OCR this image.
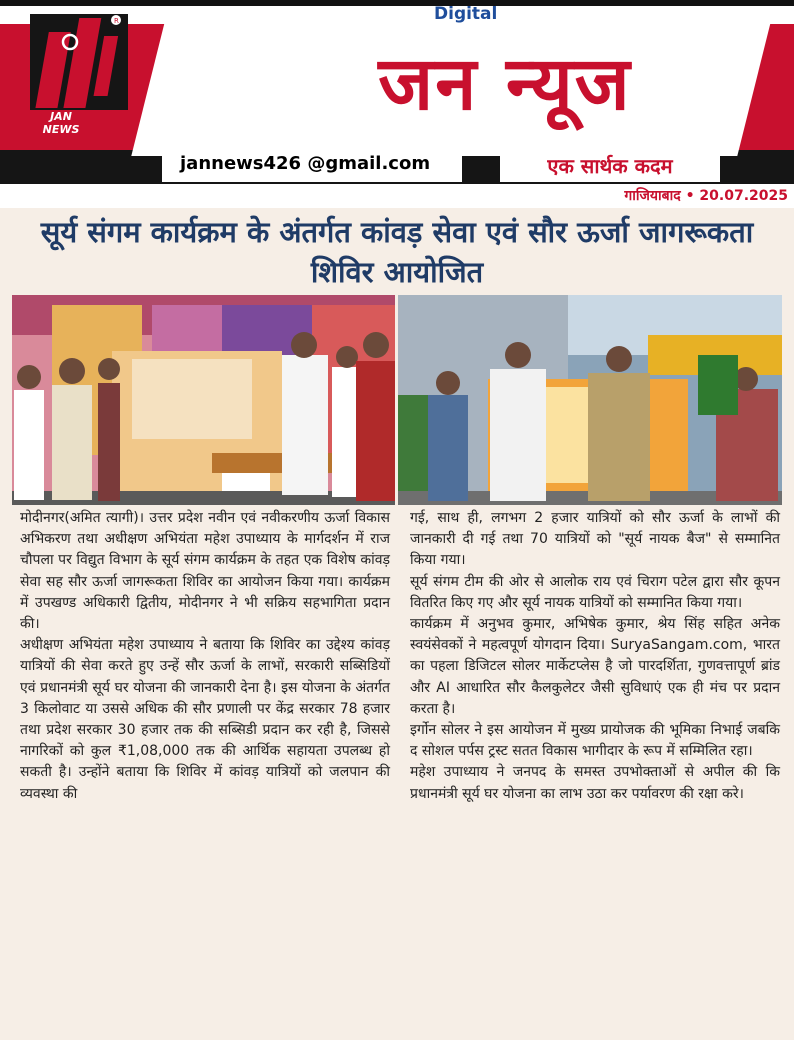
Digital
जन न्यूज
R
JAN NEWS
jannews426 @gmail.com	एक सार्थक कदम
गाजियाबाद • 20.07.2025
सूर्य संगम कार्यक्रम के अंतर्गत कांवड़ सेवा एवं सौर ऊर्जा जागरूकता शिविर आयोजित

मोदीनगर(अमित त्यागी)। उत्तर प्रदेश नवीन एवं नवीकरणीय ऊर्जा विकास अभिकरण तथा अधीक्षण अभियंता महेश उपाध्याय के मार्गदर्शन में राज चौपला पर विद्युत विभाग के सूर्य संगम कार्यक्रम के तहत एक विशेष कांवड़ सेवा सह सौर ऊर्जा जागरूकता शिविर का आयोजन किया गया। कार्यक्रम में उपखण्ड अधिकारी द्वितीय, मोदीनगर ने भी सक्रिय सहभागिता प्रदान की।

अधीक्षण अभियंता महेश उपाध्याय ने बताया कि शिविर का उद्देश्य कांवड़ यात्रियों की सेवा करते हुए उन्हें सौर ऊर्जा के लाभों, सरकारी सब्सिडियों एवं प्रधानमंत्री सूर्य घर योजना की जानकारी देना है। इस योजना के अंतर्गत 3 किलोवाट या उससे अधिक की सौर प्रणाली पर केंद्र सरकार 78 हजार तथा प्रदेश सरकार 30 हजार तक की सब्सिडी प्रदान कर रही है, जिससे नागरिकों को कुल ₹1,08,000 तक की आर्थिक सहायता उपलब्ध हो सकती है। उन्होंने बताया कि शिविर में कांवड़ यात्रियों को जलपान की व्यवस्था की

गई, साथ ही, लगभग 2 हजार यात्रियों को सौर ऊर्जा के लाभों की जानकारी दी गई तथा 70 यात्रियों को "सूर्य नायक बैज" से सम्मानित किया गया।

सूर्य संगम टीम की ओर से आलोक राय एवं चिराग पटेल द्वारा सौर कूपन वितरित किए गए और सूर्य नायक यात्रियों को सम्मानित किया गया।

कार्यक्रम में अनुभव कुमार, अभिषेक कुमार, श्रेय सिंह सहित अनेक स्वयंसेवकों ने महत्वपूर्ण योगदान दिया। SuryaSangam.com, भारत का पहला डिजिटल सोलर मार्केटप्लेस है जो पारदर्शिता, गुणवत्तापूर्ण ब्रांड और AI आधारित सौर कैलकुलेटर जैसी सुविधाएं एक ही मंच पर प्रदान करता है।

इर्गोन सोलर ने इस आयोजन में मुख्य प्रायोजक की भूमिका निभाई जबकि द सोशल पर्पस ट्रस्ट सतत विकास भागीदार के रूप में सम्मिलित रहा।

महेश उपाध्याय ने जनपद के समस्त उपभोक्ताओं से अपील की कि प्रधानमंत्री सूर्य घर योजना का लाभ उठा कर पर्यावरण की रक्षा करे।
